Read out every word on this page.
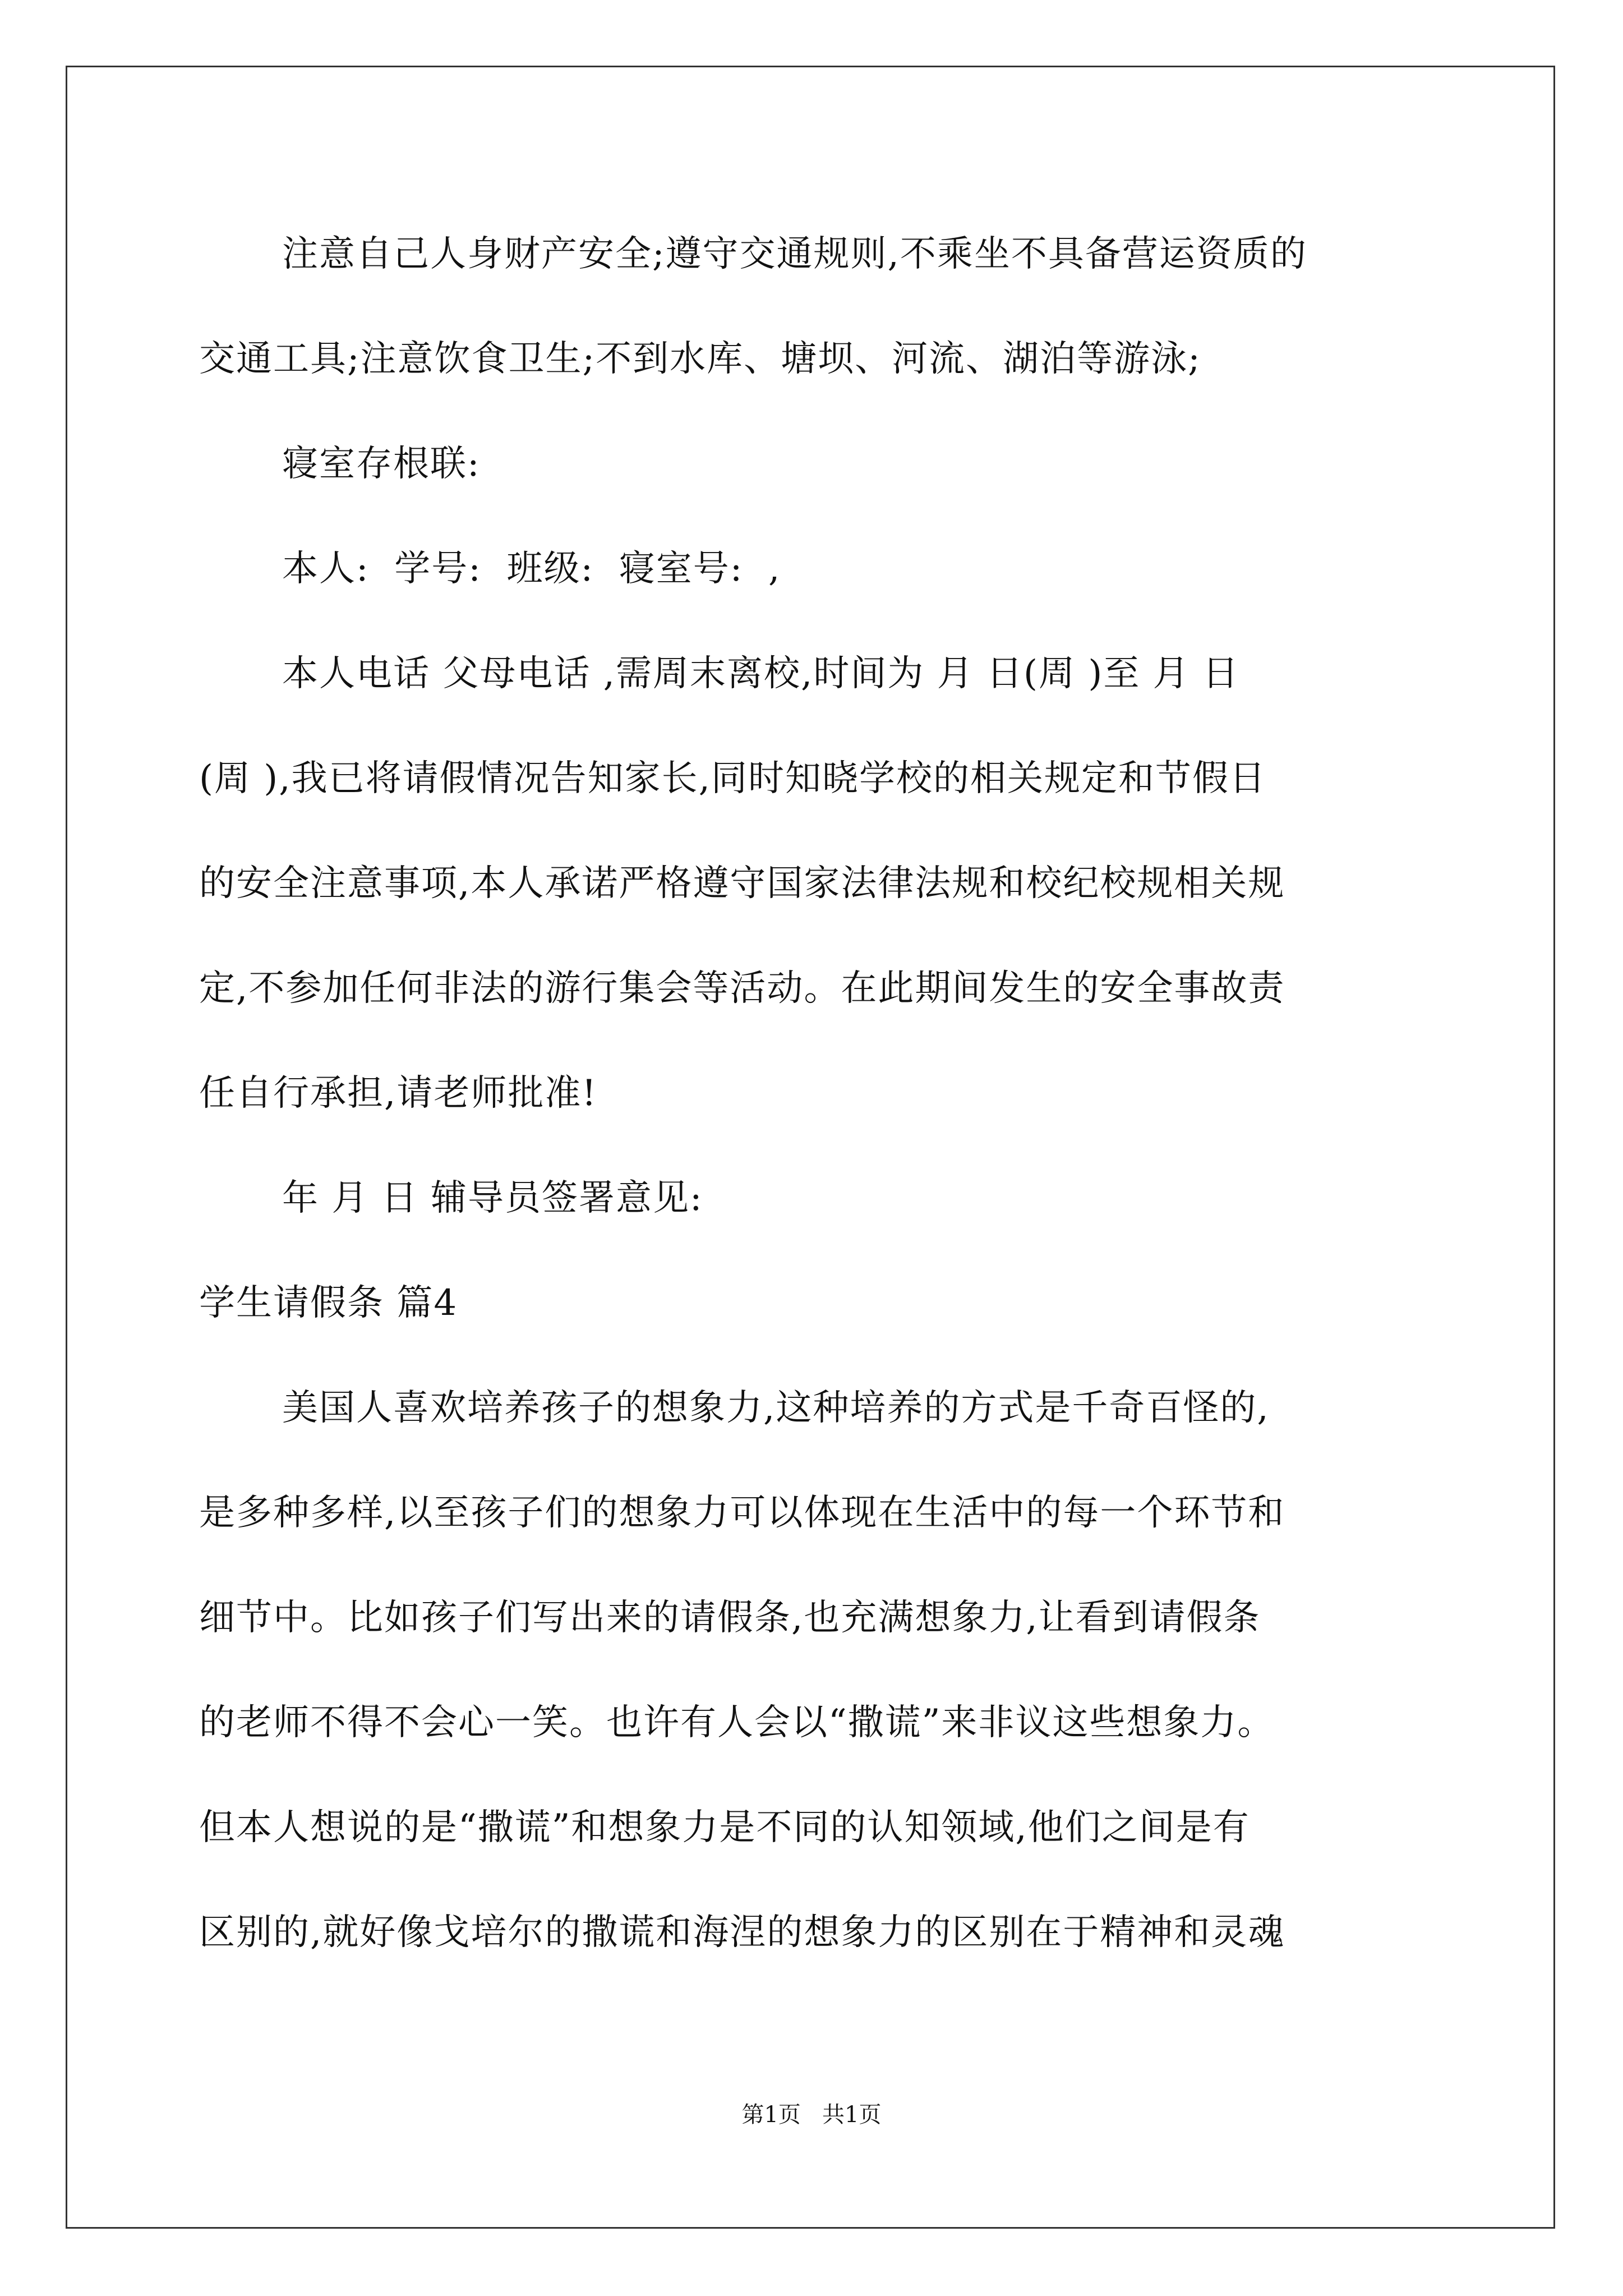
注意自己人身财产安全;遵守交通规则,不乘坐不具备营运资质的

交通工具;注意饮食卫生;不到水库、塘坝、河流、湖泊等游泳;

寝室存根联:

本人:  学号:  班级:  寝室号:  ,

本人电话 父母电话 ,需周末离校,时间为 月 日(周 )至 月 日

(周 ),我已将请假情况告知家长,同时知晓学校的相关规定和节假日

的安全注意事项,本人承诺严格遵守国家法律法规和校纪校规相关规

定,不参加任何非法的游行集会等活动。在此期间发生的安全事故责

任自行承担,请老师批准!

年 月 日 辅导员签署意见:

学生请假条 篇4

美国人喜欢培养孩子的想象力,这种培养的方式是千奇百怪的,

是多种多样,以至孩子们的想象力可以体现在生活中的每一个环节和

细节中。比如孩子们写出来的请假条,也充满想象力,让看到请假条

的老师不得不会心一笑。也许有人会以“撒谎”来非议这些想象力。

但本人想说的是“撒谎”和想象力是不同的认知领域,他们之间是有

区别的,就好像戈培尔的撒谎和海涅的想象力的区别在于精神和灵魂

第1页   共1页
